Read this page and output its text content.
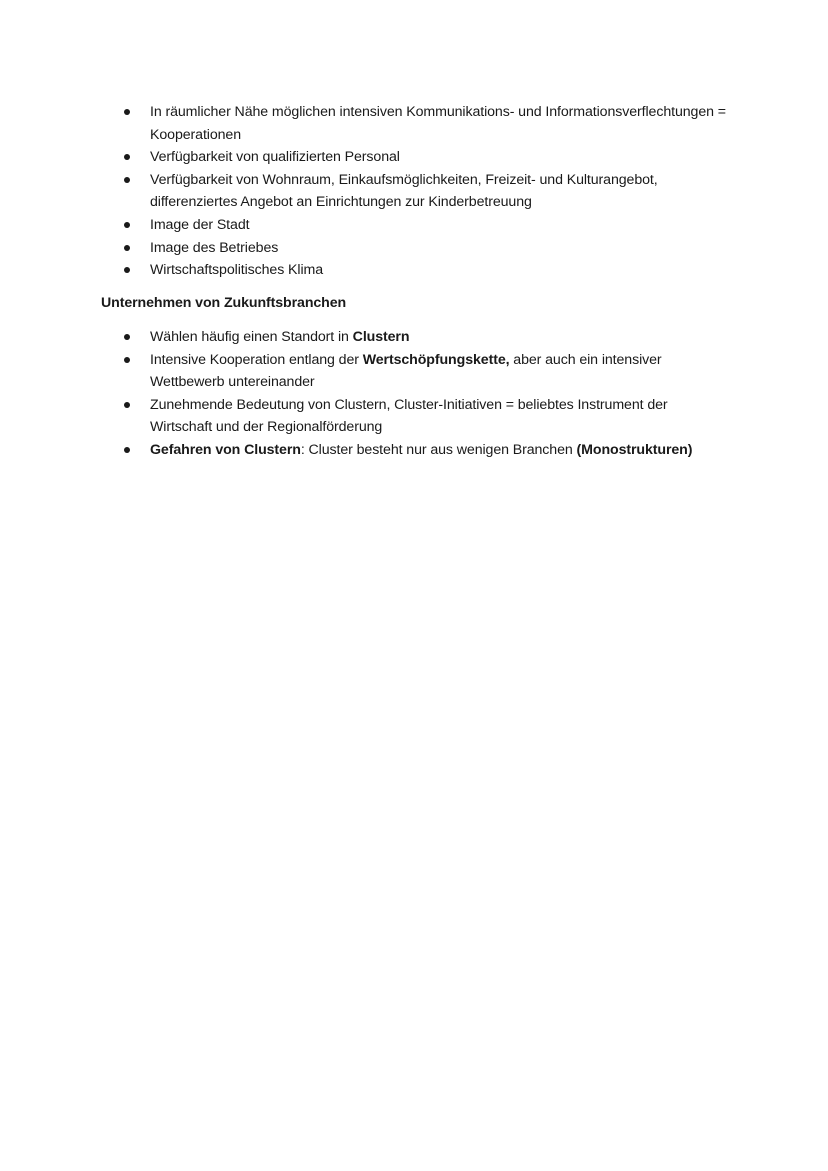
In räumlicher Nähe möglichen intensiven Kommunikations- und Informationsverflechtungen = Kooperationen
Verfügbarkeit von qualifizierten Personal
Verfügbarkeit von Wohnraum, Einkaufsmöglichkeiten, Freizeit- und Kulturangebot, differenziertes Angebot an Einrichtungen zur Kinderbetreuung
Image der Stadt
Image des Betriebes
Wirtschaftspolitisches Klima
Unternehmen von Zukunftsbranchen
Wählen häufig einen Standort in Clustern
Intensive Kooperation entlang der Wertschöpfungskette, aber auch ein intensiver Wettbewerb untereinander
Zunehmende Bedeutung von Clustern, Cluster-Initiativen = beliebtes Instrument der Wirtschaft und der Regionalförderung
Gefahren von Clustern: Cluster besteht nur aus wenigen Branchen (Monostrukturen)
